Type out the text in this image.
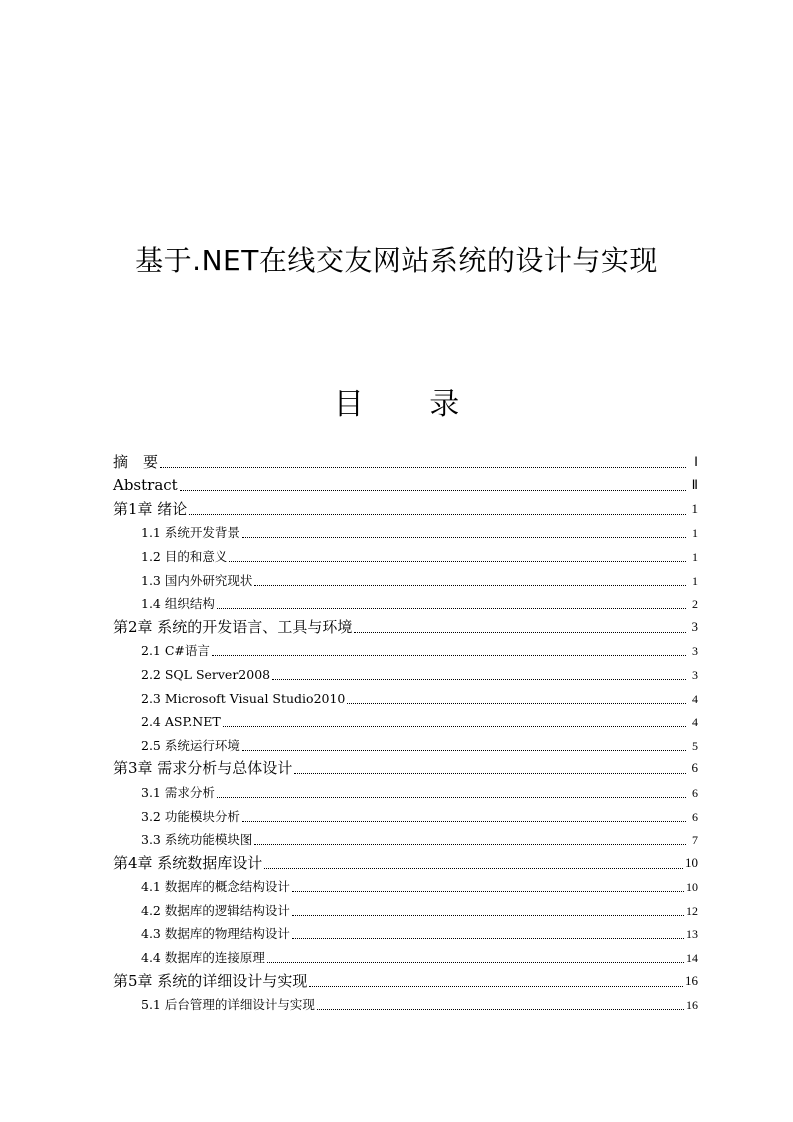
基于.NET在线交友网站系统的设计与实现
目 录
摘　要	Ⅰ
Abstract	Ⅱ
第1章 绪论	1
1.1 系统开发背景	1
1.2 目的和意义	1
1.3 国内外研究现状	1
1.4 组织结构	2
第2章 系统的开发语言、工具与环境	3
2.1 C#语言	3
2.2 SQL Server2008	3
2.3 Microsoft Visual Studio2010	4
2.4 ASP.NET	4
2.5 系统运行环境	5
第3章 需求分析与总体设计	6
3.1 需求分析	6
3.2 功能模块分析	6
3.3 系统功能模块图	7
第4章 系统数据库设计	10
4.1 数据库的概念结构设计	10
4.2 数据库的逻辑结构设计	12
4.3 数据库的物理结构设计	13
4.4 数据库的连接原理	14
第5章 系统的详细设计与实现	16
5.1 后台管理的详细设计与实现	16
